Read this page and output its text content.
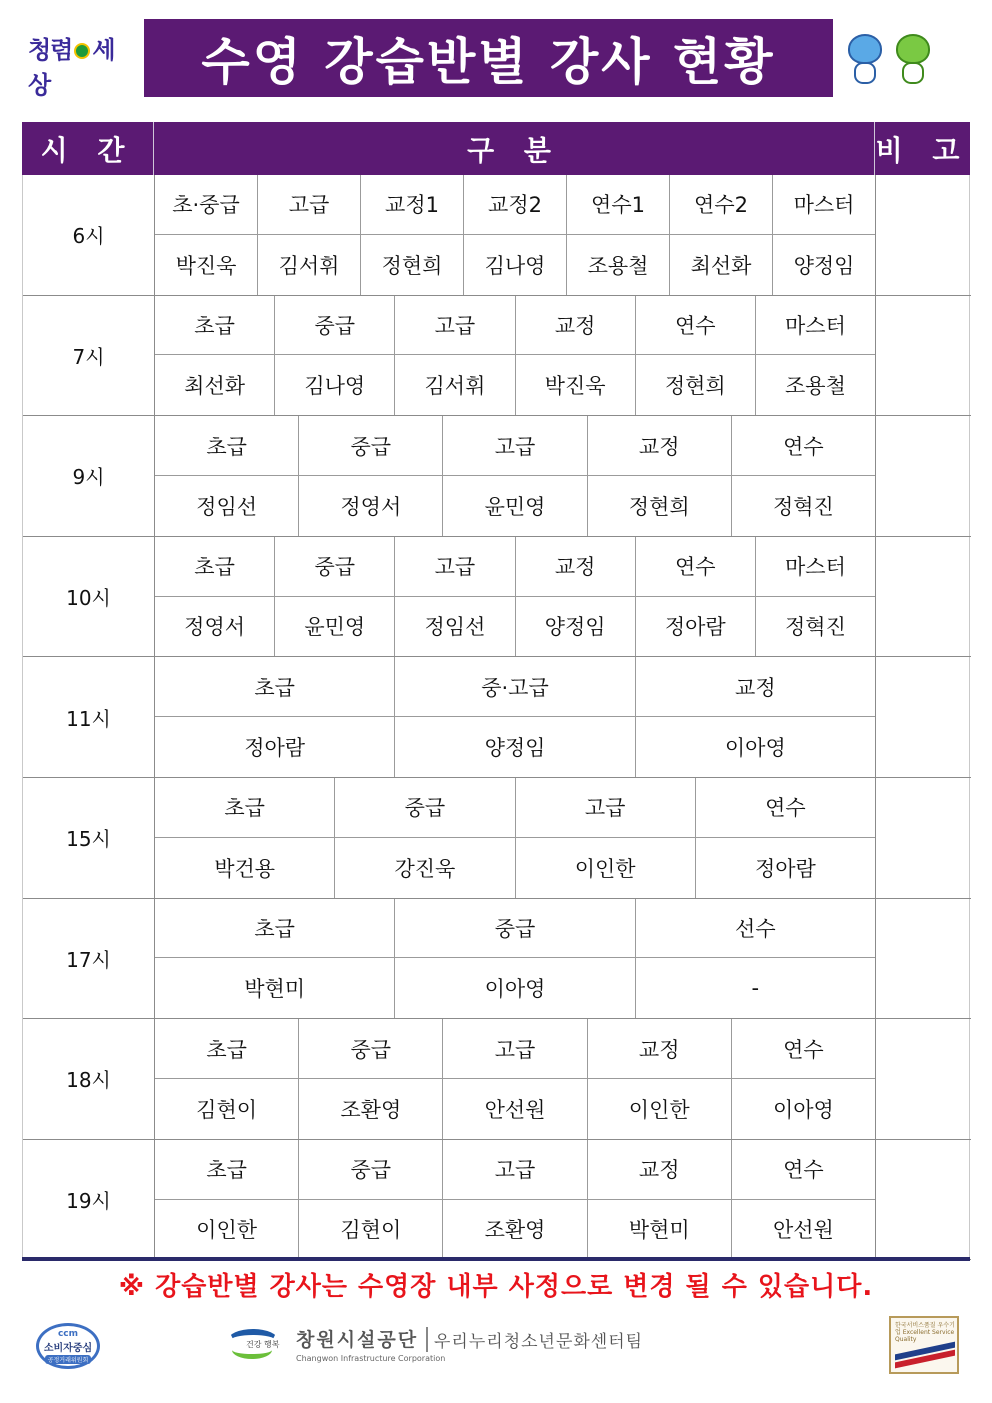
청렴 세상	수영 강습반별 강사 현황
시 간	구 분	비 고
6시
초·중급	고급	교정1	교정2	연수1	연수2	마스터
박진욱	김서휘	정현희	김나영	조용철	최선화	양정임
7시
초급	중급	고급	교정	연수	마스터
최선화	김나영	김서휘	박진욱	정현희	조용철
9시
초급	중급	고급	교정	연수
정임선	정영서	윤민영	정현희	정혁진
10시
초급	중급	고급	교정	연수	마스터
정영서	윤민영	정임선	양정임	정아람	정혁진
11시
초급	중·고급	교정
정아람	양정임	이아영
15시
초급	중급	고급	연수
박건용	강진욱	이인한	정아람
17시
초급	중급	선수
박현미	이아영	-
18시
초급	중급	고급	교정	연수
김현이	조환영	안선원	이인한	이아영
19시
초급	중급	고급	교정	연수
이인한	김현이	조환영	박현미	안선원
※ 강습반별 강사는 수영장 내부 사정으로 변경 될 수 있습니다.
ccm
소비자중심
공정거래위원회
건강 행복 창원시설공단 우리누리청소년문화센터팀
Changwon Infrastructure Corporation
한국서비스품질 우수기업 Excellent Service Quality
